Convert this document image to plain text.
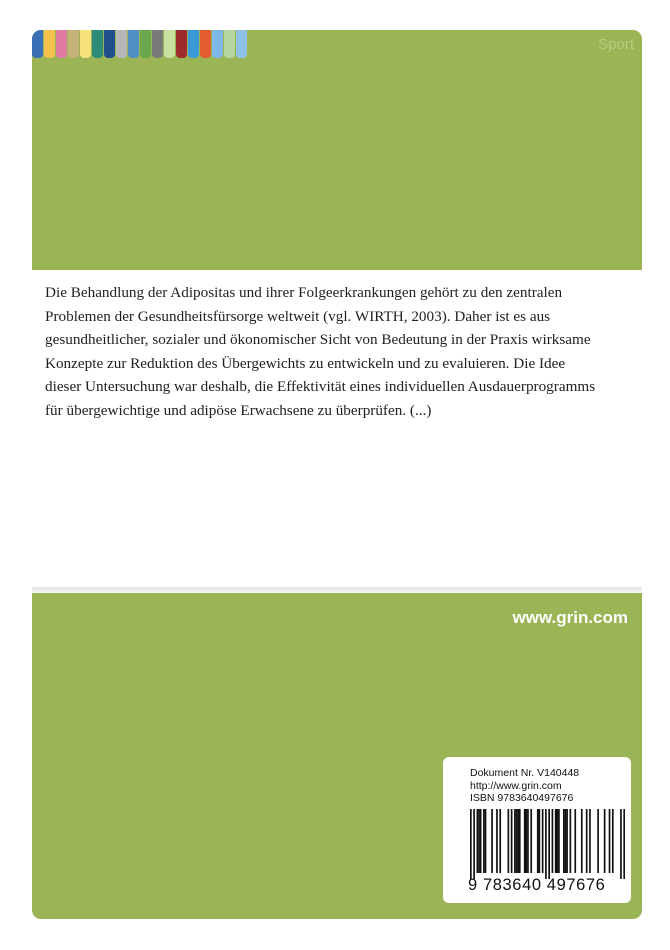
Sport
Die Behandlung der Adipositas und ihrer Folgeerkrankungen gehört zu den zentralen
Problemen der Gesundheitsfürsorge weltweit (vgl. WIRTH, 2003). Daher ist es aus
gesundheitlicher, sozialer und ökonomischer Sicht von Bedeutung in der Praxis wirksame
Konzepte zur Reduktion des Übergewichts zu entwickeln und zu evaluieren. Die Idee
dieser Untersuchung war deshalb, die Effektivität eines individuellen Ausdauerprogramms
für übergewichtige und adipöse Erwachsene zu überprüfen. (...)
www.grin.com
Dokument Nr. V140448
http://www.grin.com
ISBN 9783640497676
9 783640 497676
